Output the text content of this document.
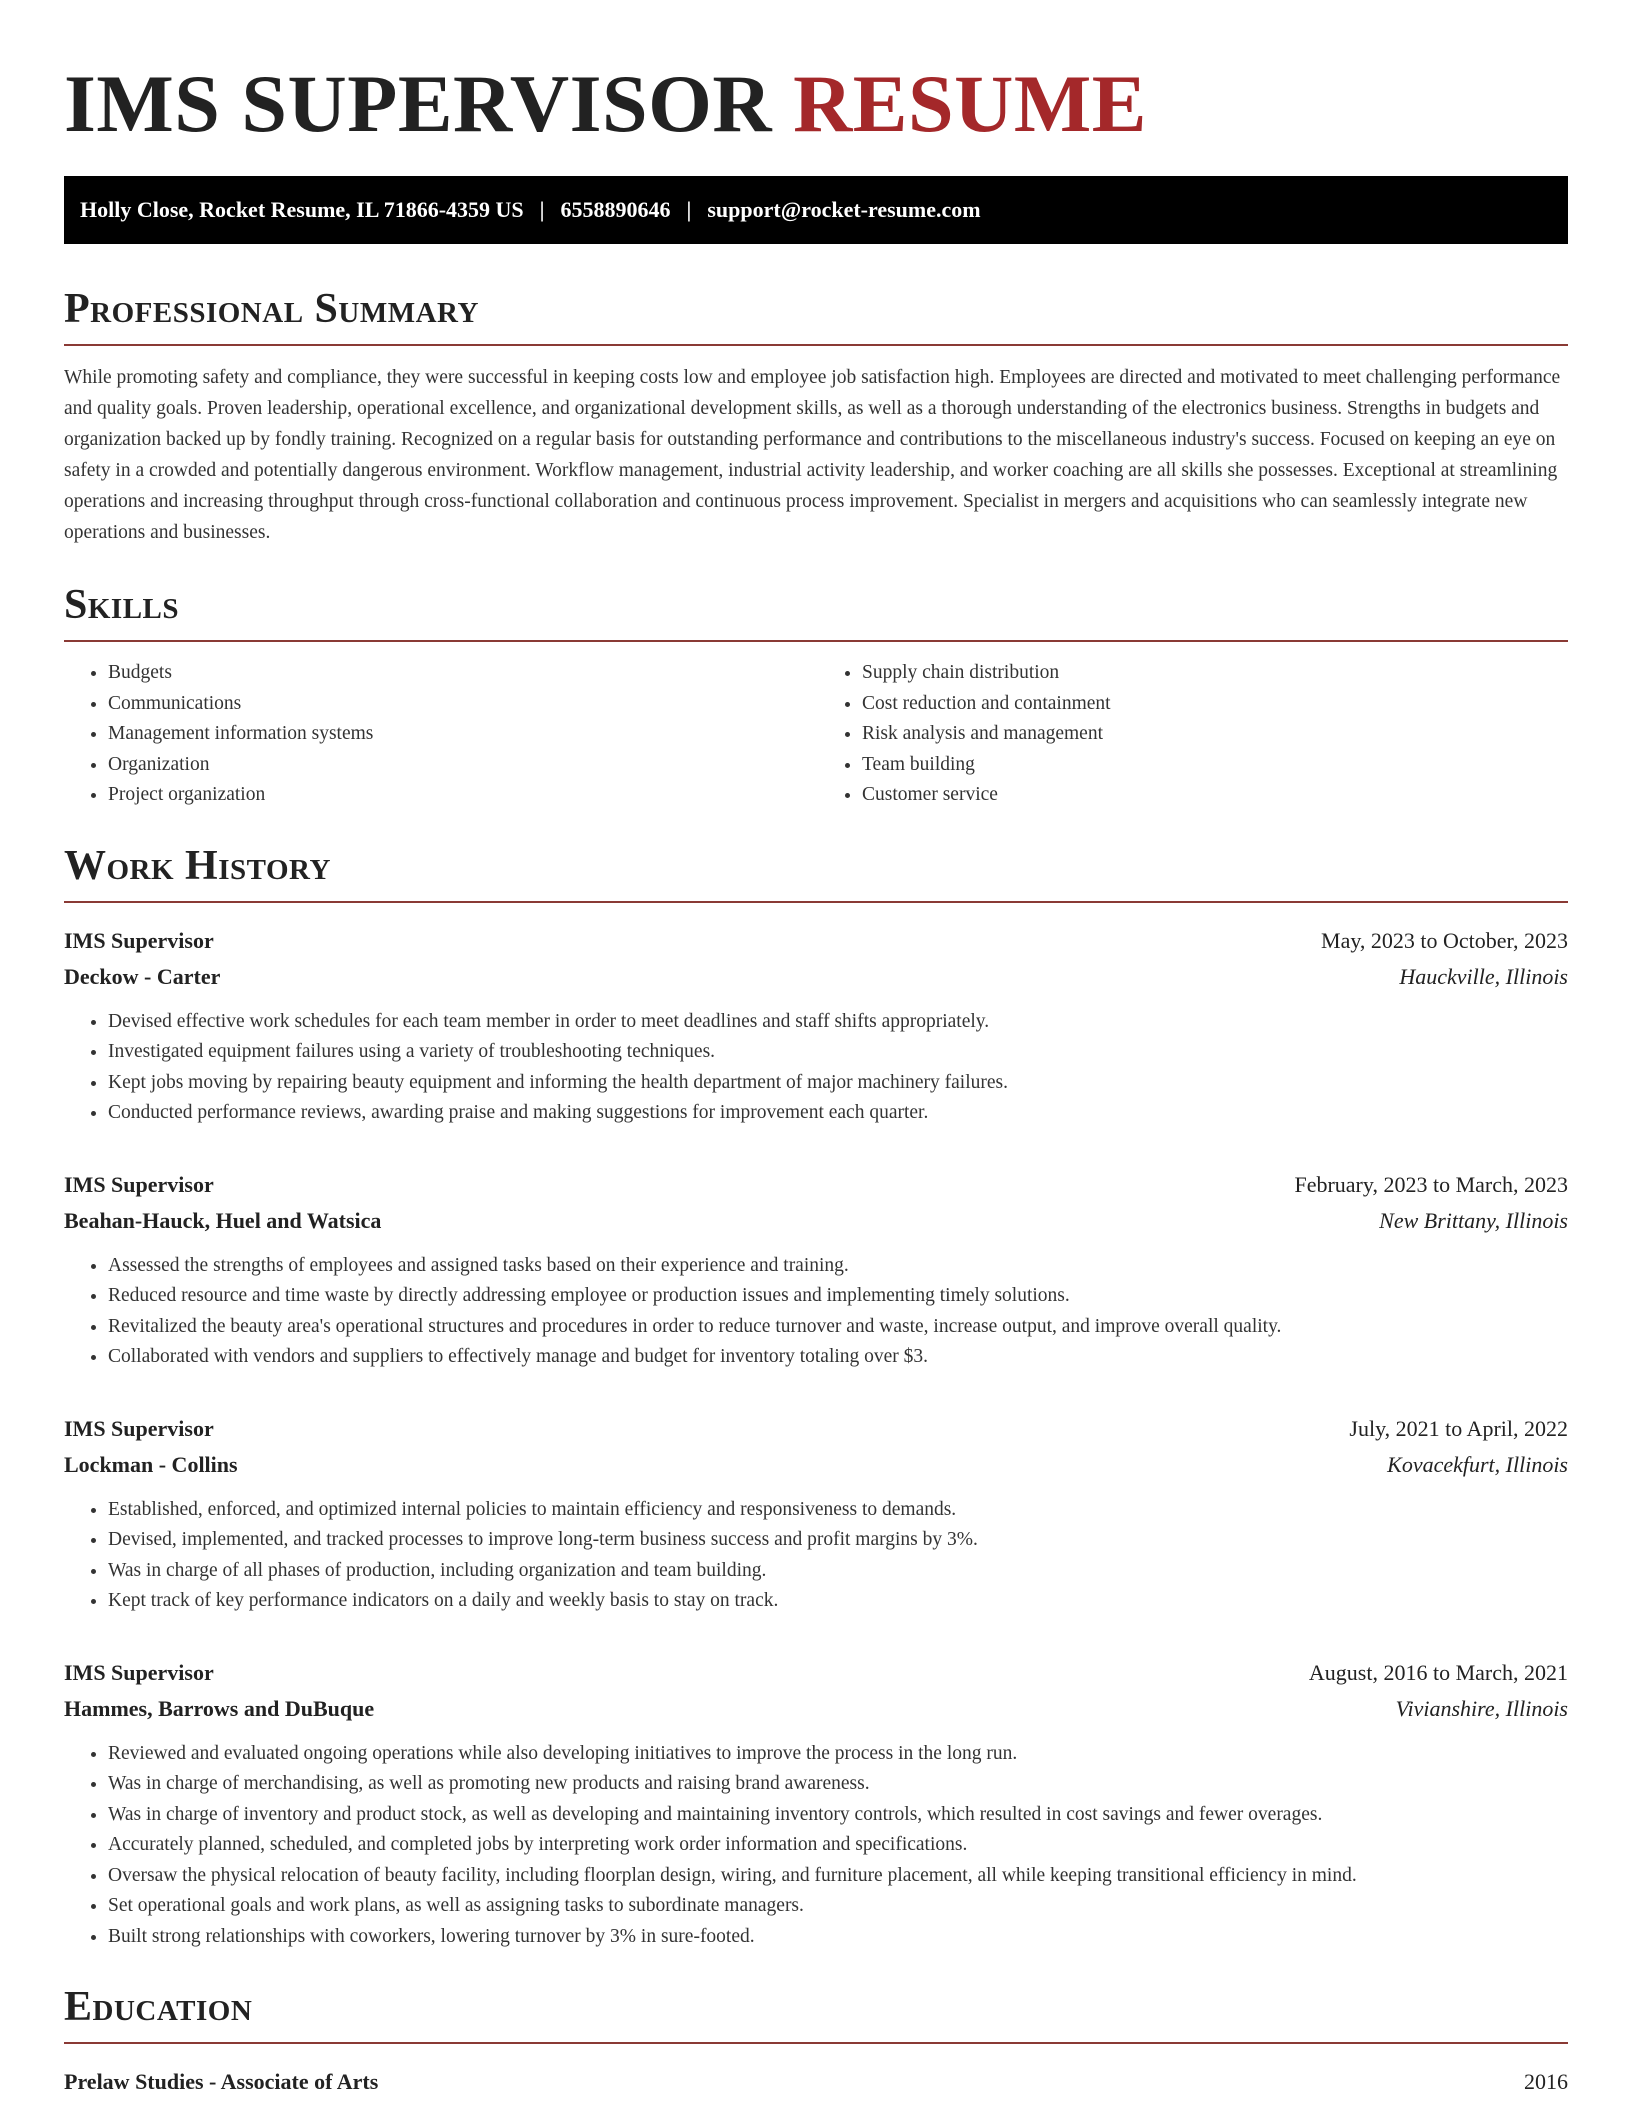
IMS SUPERVISOR RESUME
Holly Close, Rocket Resume, IL 71866-4359 US | 6558890646 | support@rocket-resume.com
Professional Summary

While promoting safety and compliance, they were successful in keeping costs low and employee job satisfaction high. Employees are directed and motivated to meet challenging performance and quality goals. Proven leadership, operational excellence, and organizational development skills, as well as a thorough understanding of the electronics business. Strengths in budgets and organization backed up by fondly training. Recognized on a regular basis for outstanding performance and contributions to the miscellaneous industry's success. Focused on keeping an eye on safety in a crowded and potentially dangerous environment. Workflow management, industrial activity leadership, and worker coaching are all skills she possesses. Exceptional at streamlining operations and increasing throughput through cross-functional collaboration and continuous process improvement. Specialist in mergers and acquisitions who can seamlessly integrate new operations and businesses.

Skills
• Budgets
• Communications
• Management information systems
• Organization
• Project organization
• Supply chain distribution
• Cost reduction and containment
• Risk analysis and management
• Team building
• Customer service
Work History
IMS Supervisor	May, 2023 to October, 2023
Deckow - Carter	Hauckville, Illinois
• Devised effective work schedules for each team member in order to meet deadlines and staff shifts appropriately.
• Investigated equipment failures using a variety of troubleshooting techniques.
• Kept jobs moving by repairing beauty equipment and informing the health department of major machinery failures.
• Conducted performance reviews, awarding praise and making suggestions for improvement each quarter.
IMS Supervisor	February, 2023 to March, 2023
Beahan-Hauck, Huel and Watsica	New Brittany, Illinois
• Assessed the strengths of employees and assigned tasks based on their experience and training.
• Reduced resource and time waste by directly addressing employee or production issues and implementing timely solutions.
• Revitalized the beauty area's operational structures and procedures in order to reduce turnover and waste, increase output, and improve overall quality.
• Collaborated with vendors and suppliers to effectively manage and budget for inventory totaling over $3.
IMS Supervisor	July, 2021 to April, 2022
Lockman - Collins	Kovacekfurt, Illinois
• Established, enforced, and optimized internal policies to maintain efficiency and responsiveness to demands.
• Devised, implemented, and tracked processes to improve long-term business success and profit margins by 3%.
• Was in charge of all phases of production, including organization and team building.
• Kept track of key performance indicators on a daily and weekly basis to stay on track.
IMS Supervisor	August, 2016 to March, 2021
Hammes, Barrows and DuBuque	Vivianshire, Illinois
• Reviewed and evaluated ongoing operations while also developing initiatives to improve the process in the long run.
• Was in charge of merchandising, as well as promoting new products and raising brand awareness.
• Was in charge of inventory and product stock, as well as developing and maintaining inventory controls, which resulted in cost savings and fewer overages.
• Accurately planned, scheduled, and completed jobs by interpreting work order information and specifications.
• Oversaw the physical relocation of beauty facility, including floorplan design, wiring, and furniture placement, all while keeping transitional efficiency in mind.
• Set operational goals and work plans, as well as assigning tasks to subordinate managers.
• Built strong relationships with coworkers, lowering turnover by 3% in sure-footed.
Education
Prelaw Studies - Associate of Arts	2016
